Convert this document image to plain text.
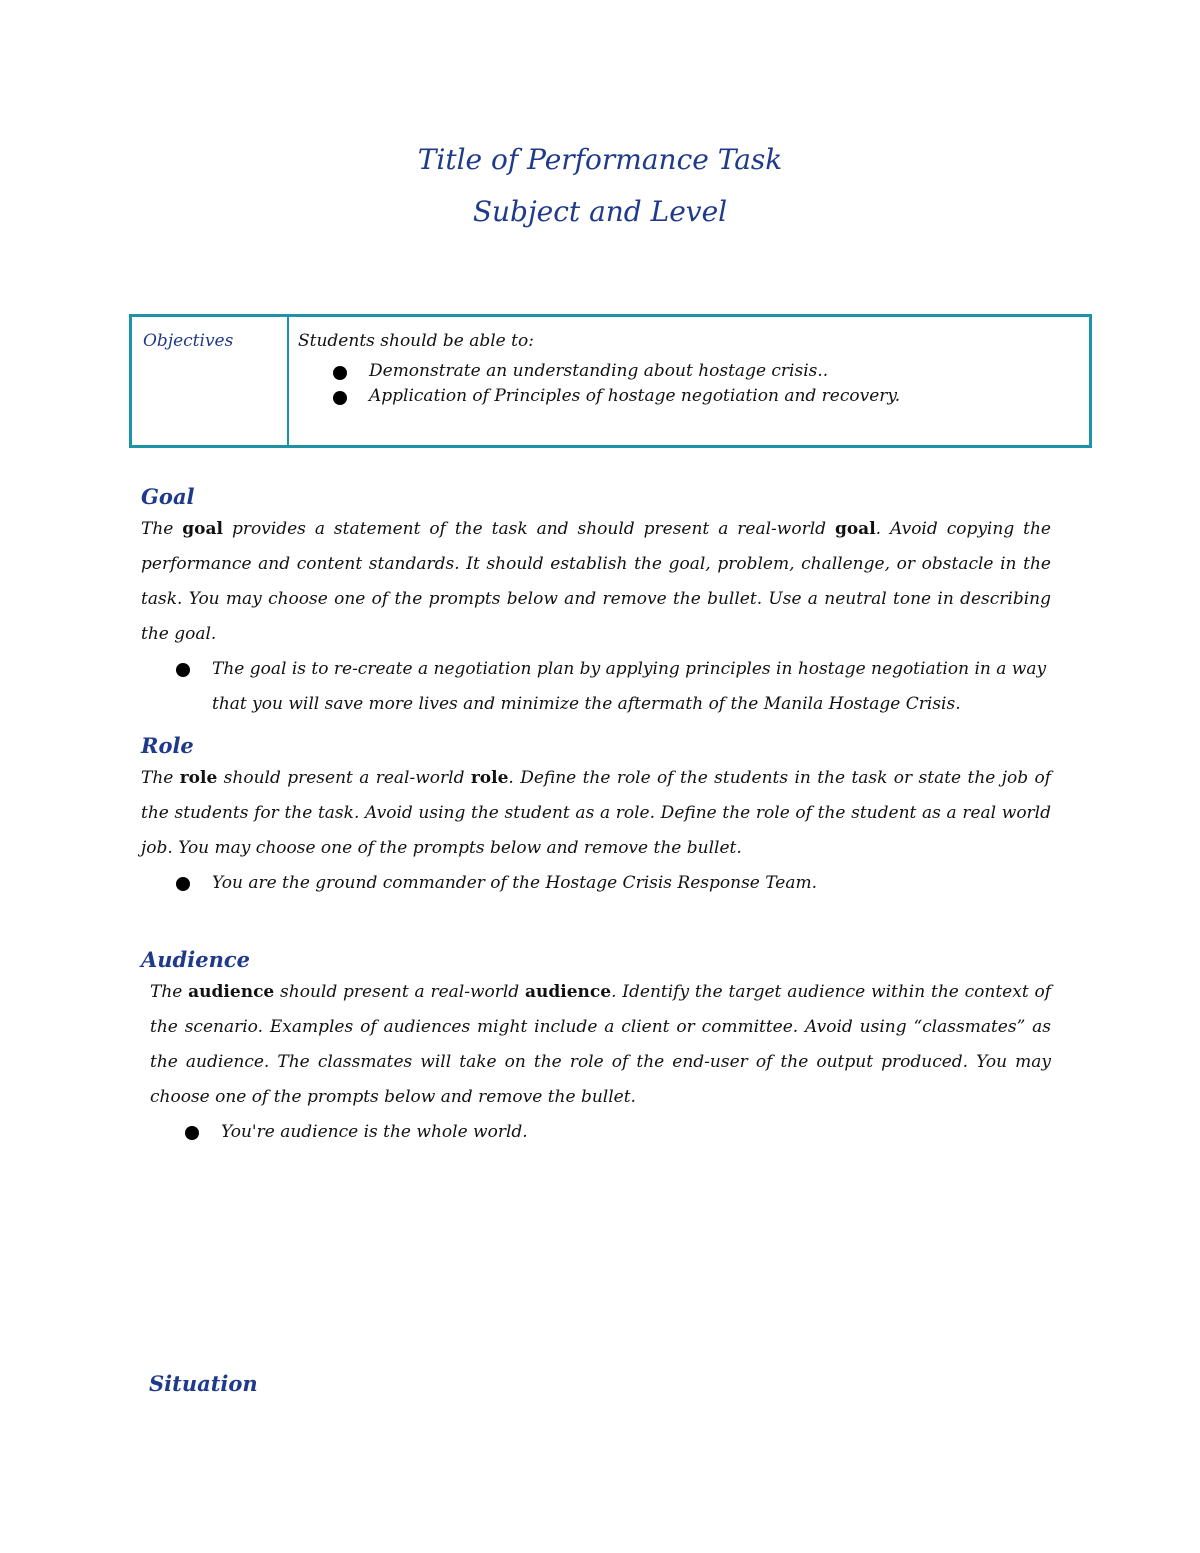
Title of Performance Task

Subject and Level

Objectives	Students should be able to:

Demonstrate an understanding about hostage crisis..
Application of Principles of hostage negotiation and recovery.
Goal

The goal provides a statement of the task and should present a real-world goal. Avoid copying the performance and content standards. It should establish the goal, problem, challenge, or obstacle in the task. You may choose one of the prompts below and remove the bullet. Use a neutral tone in describing the goal.

The goal is to re-create a negotiation plan by applying principles in hostage negotiation in a way that you will save more lives and minimize the aftermath of the Manila Hostage Crisis.
Role

The role should present a real-world role. Define the role of the students in the task or state the job of the students for the task. Avoid using the student as a role. Define the role of the student as a real world job. You may choose one of the prompts below and remove the bullet.

You are the ground commander of the Hostage Crisis Response Team.
Audience

The audience should present a real-world audience. Identify the target audience within the context of the scenario. Examples of audiences might include a client or committee. Avoid using “classmates” as the audience. The classmates will take on the role of the end-user of the output produced. You may choose one of the prompts below and remove the bullet.

You're audience is the whole world.
Situation
